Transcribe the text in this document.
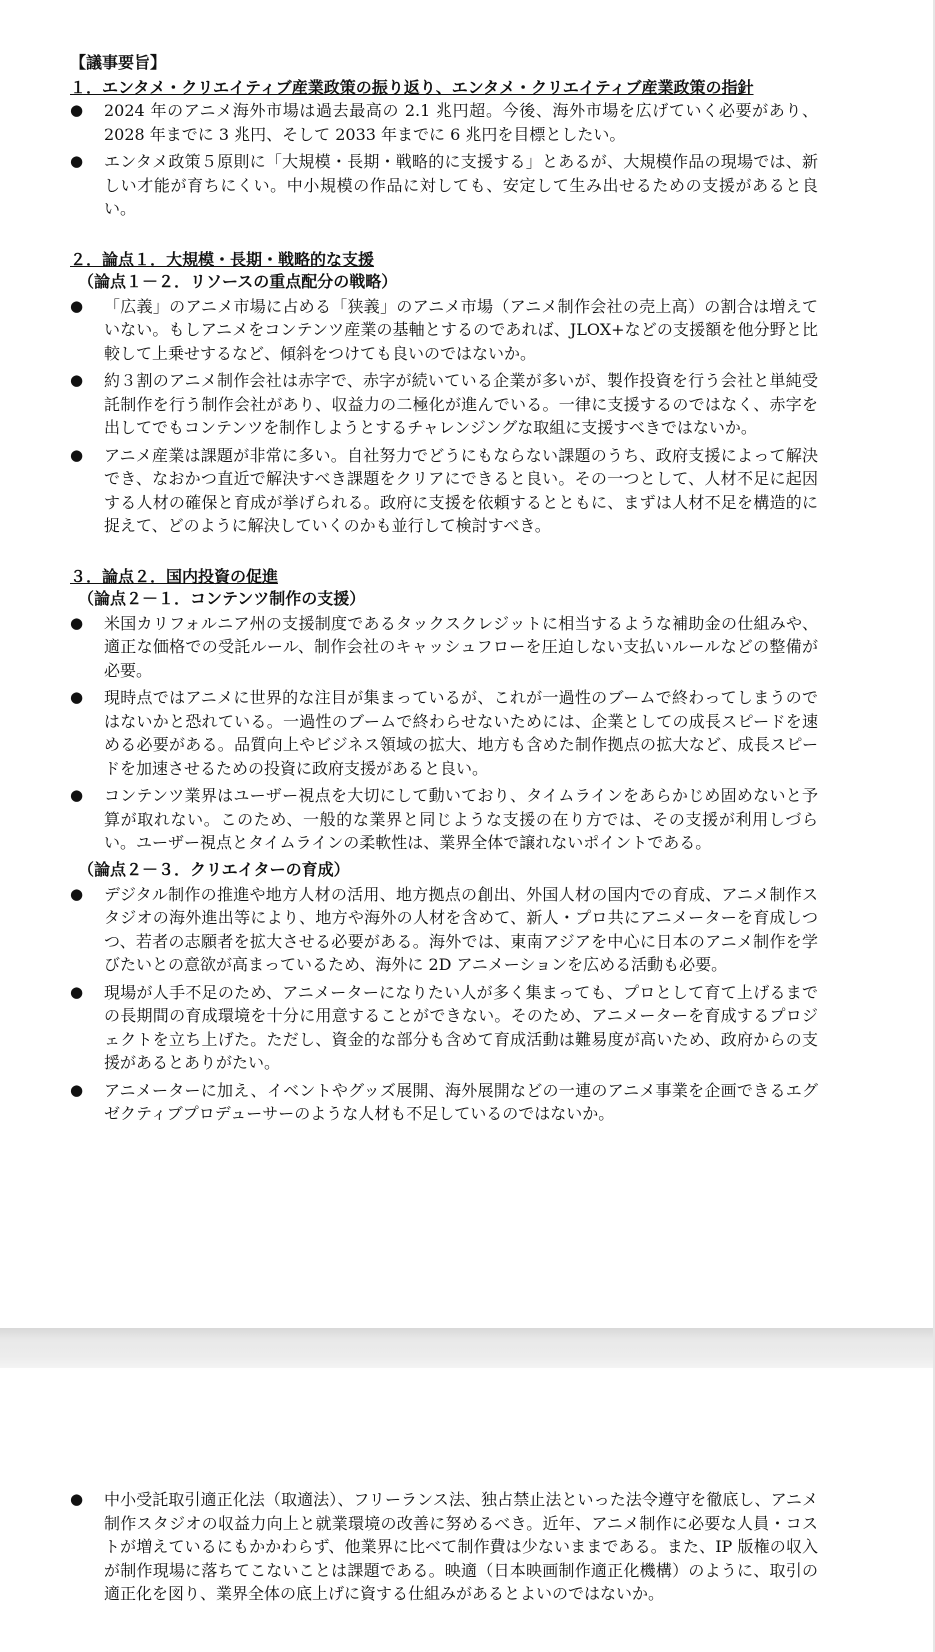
【議事要旨】
１．エンタメ・クリエイティブ産業政策の振り返り、エンタメ・クリエイティブ産業政策の指針
●	2024 年のアニメ海外市場は過去最高の 2.1 兆円超。今後、海外市場を広げていく必要があり、2028 年までに 3 兆円、そして 2033 年までに 6 兆円を目標としたい。
●	エンタメ政策５原則に「大規模・長期・戦略的に支援する」とあるが、大規模作品の現場では、新しい才能が育ちにくい。中小規模の作品に対しても、安定して生み出せるための支援があると良い。
２．論点１．大規模・長期・戦略的な支援
（論点１－２．リソースの重点配分の戦略）
●	「広義」のアニメ市場に占める「狭義」のアニメ市場（アニメ制作会社の売上高）の割合は増えていない。もしアニメをコンテンツ産業の基軸とするのであれば、JLOX+などの支援額を他分野と比較して上乗せするなど、傾斜をつけても良いのではないか。
●	約３割のアニメ制作会社は赤字で、赤字が続いている企業が多いが、製作投資を行う会社と単純受託制作を行う制作会社があり、収益力の二極化が進んでいる。一律に支援するのではなく、赤字を出してでもコンテンツを制作しようとするチャレンジングな取組に支援すべきではないか。
●	アニメ産業は課題が非常に多い。自社努力でどうにもならない課題のうち、政府支援によって解決でき、なおかつ直近で解決すべき課題をクリアにできると良い。その一つとして、人材不足に起因する人材の確保と育成が挙げられる。政府に支援を依頼するとともに、まずは人材不足を構造的に捉えて、どのように解決していくのかも並行して検討すべき。
３．論点２．国内投資の促進
（論点２－１．コンテンツ制作の支援）
●	米国カリフォルニア州の支援制度であるタックスクレジットに相当するような補助金の仕組みや、適正な価格での受託ルール、制作会社のキャッシュフローを圧迫しない支払いルールなどの整備が必要。
●	現時点ではアニメに世界的な注目が集まっているが、これが一過性のブームで終わってしまうのではないかと恐れている。一過性のブームで終わらせないためには、企業としての成長スピードを速める必要がある。品質向上やビジネス領域の拡大、地方も含めた制作拠点の拡大など、成長スピードを加速させるための投資に政府支援があると良い。
●	コンテンツ業界はユーザー視点を大切にして動いており、タイムラインをあらかじめ固めないと予算が取れない。このため、一般的な業界と同じような支援の在り方では、その支援が利用しづらい。ユーザー視点とタイムラインの柔軟性は、業界全体で譲れないポイントである。
（論点２－３．クリエイターの育成）
●	デジタル制作の推進や地方人材の活用、地方拠点の創出、外国人材の国内での育成、アニメ制作スタジオの海外進出等により、地方や海外の人材を含めて、新人・プロ共にアニメーターを育成しつつ、若者の志願者を拡大させる必要がある。海外では、東南アジアを中心に日本のアニメ制作を学びたいとの意欲が高まっているため、海外に 2D アニメーションを広める活動も必要。
●	現場が人手不足のため、アニメーターになりたい人が多く集まっても、プロとして育て上げるまでの長期間の育成環境を十分に用意することができない。そのため、アニメーターを育成するプロジェクトを立ち上げた。ただし、資金的な部分も含めて育成活動は難易度が高いため、政府からの支援があるとありがたい。
●	アニメーターに加え、イベントやグッズ展開、海外展開などの一連のアニメ事業を企画できるエグゼクティブプロデューサーのような人材も不足しているのではないか。
●	中小受託取引適正化法（取適法）、フリーランス法、独占禁止法といった法令遵守を徹底し、アニメ制作スタジオの収益力向上と就業環境の改善に努めるべき。近年、アニメ制作に必要な人員・コストが増えているにもかかわらず、他業界に比べて制作費は少ないままである。また、IP 版権の収入が制作現場に落ちてこないことは課題である。映適（日本映画制作適正化機構）のように、取引の適正化を図り、業界全体の底上げに資する仕組みがあるとよいのではないか。
